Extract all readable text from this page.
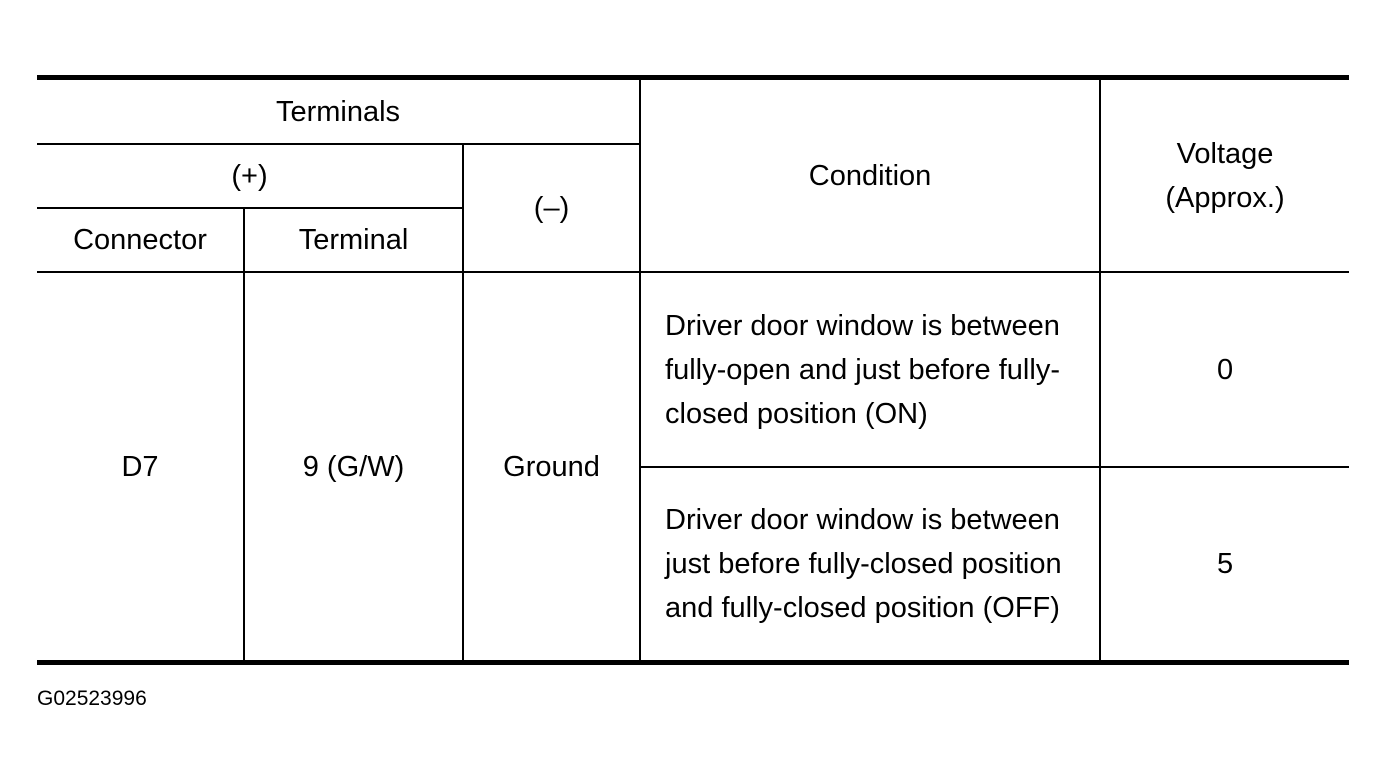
Terminals			Condition	Voltage
(Approx.)
(+)		(–)		
Connector	Terminal			
D7	9 (G/W)	Ground	Driver door window is between fully-open and just before fully-closed position (ON)	0
			Driver door window is between just before fully-closed position and fully-closed position (OFF)	5
G02523996
